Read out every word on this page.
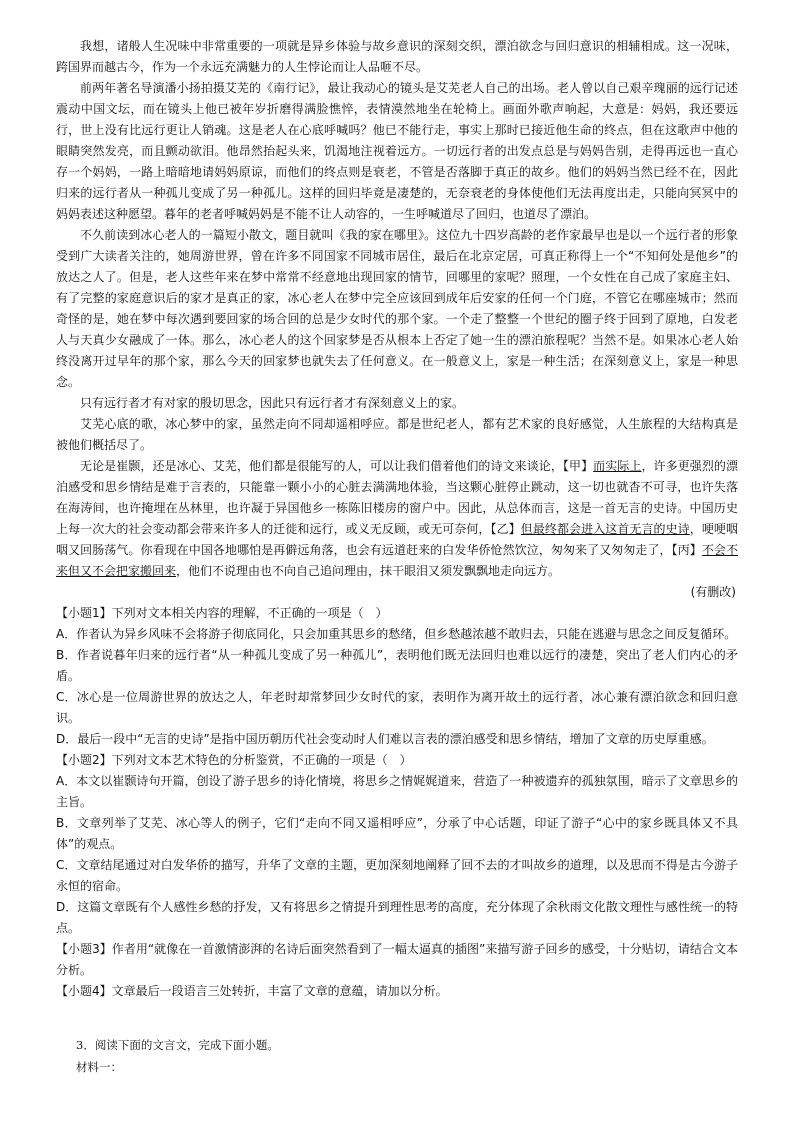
我想，诸般人生况味中非常重要的一项就是异乡体验与故乡意识的深刻交织，漂泊欲念与回归意识的相辅相成。这一况味，跨国界而越古今，作为一个永远充满魅力的人生悖论而让人品咂不尽。

前两年著名导演潘小扬拍摄艾芜的《南行记》，最让我动心的镜头是艾芜老人自己的出场。老人曾以自己艰辛瑰丽的远行记述震动中国文坛，而在镜头上他已被年岁折磨得满脸憔悴，表情漠然地坐在轮椅上。画面外歌声响起，大意是：妈妈，我还要远行，世上没有比远行更让人销魂。这是老人在心底呼喊吗？他已不能行走，事实上那时已接近他生命的终点，但在这歌声中他的眼睛突然发亮，而且颤动欲泪。他昂然抬起头来，饥渴地注视着远方。一切远行者的出发点总是与妈妈告别，走得再远也一直心存一个妈妈，一路上暗暗地请妈妈原谅，而他们的终点则是衰老，不管是否落脚于真正的故乡。他们的妈妈当然已经不在，因此归来的远行者从一种孤儿变成了另一种孤儿。这样的回归毕竟是凄楚的，无奈衰老的身体使他们无法再度出走，只能向冥冥中的妈妈表述这种愿望。暮年的老者呼喊妈妈是不能不让人动容的，一生呼喊道尽了回归，也道尽了漂泊。

不久前读到冰心老人的一篇短小散文，题目就叫《我的家在哪里》。这位九十四岁高龄的老作家最早也是以一个远行者的形象受到广大读者关注的，她周游世界，曾在许多不同国家不同城市居住，最后在北京定居，可真正称得上一个“不知何处是他乡”的放达之人了。但是，老人这些年来在梦中常常不经意地出现回家的情节，回哪里的家呢？照理，一个女性在自己成了家庭主妇、有了完整的家庭意识后的家才是真正的家，冰心老人在梦中完全应该回到成年后安家的任何一个门庭，不管它在哪座城市；然而奇怪的是，她在梦中每次遇到要回家的场合回的总是少女时代的那个家。一个走了整整一个世纪的圈子终于回到了原地，白发老人与天真少女融成了一体。那么，冰心老人的这个回家梦是否从根本上否定了她一生的漂泊旅程呢？当然不是。如果冰心老人始终没离开过早年的那个家，那么今天的回家梦也就失去了任何意义。在一般意义上，家是一种生活；在深刻意义上，家是一种思念。

只有远行者才有对家的殷切思念，因此只有远行者才有深刻意义上的家。

艾芜心底的歌，冰心梦中的家，虽然走向不同却遥相呼应。都是世纪老人，都有艺术家的良好感觉，人生旅程的大结构真是被他们概括尽了。

无论是崔颢，还是冰心、艾芜，他们都是很能写的人，可以让我们借着他们的诗文来谈论，【甲】而实际上，许多更强烈的漂泊感受和思乡情结是难于言表的，只能靠一颗小小的心脏去满满地体验，当这颗心脏停止跳动，这一切也就杳不可寻，也许失落在海涛间，也许掩埋在丛林里，也许凝于异国他乡一栋陈旧楼房的窗户中。因此，从总体而言，这是一首无言的史诗。中国历史上每一次大的社会变动都会带来许多人的迁徙和远行，或义无反顾，或无可奈何，【乙】但最终都会进入这首无言的史诗，哽哽咽咽又回肠荡气。你看现在中国各地哪怕是再僻远角落，也会有远道赶来的白发华侨怆然饮泣，匆匆来了又匆匆走了，【丙】不会不来但又不会把家搬回来，他们不说理由也不向自己追问理由，抹干眼泪又须发飘飘地走向远方。

(有删改)

【小题1】下列对文本相关内容的理解，不正确的一项是（　）

A．作者认为异乡风味不会将游子彻底同化，只会加重其思乡的愁绪，但乡愁越浓越不敢归去，只能在逃避与思念之间反复循环。

B．作者说暮年归来的远行者“从一种孤儿变成了另一种孤儿”，表明他们既无法回归也难以远行的凄楚，突出了老人们内心的矛盾。

C．冰心是一位周游世界的放达之人，年老时却常梦回少女时代的家，表明作为离开故土的远行者，冰心兼有漂泊欲念和回归意识。

D．最后一段中“无言的史诗”是指中国历朝历代社会变动时人们难以言表的漂泊感受和思乡情结，增加了文章的历史厚重感。

【小题2】下列对文本艺术特色的分析鉴赏，不正确的一项是（　）

A．本文以崔颢诗句开篇，创设了游子思乡的诗化情境，将思乡之情娓娓道来，营造了一种被遗弃的孤独氛围，暗示了文章思乡的主旨。

B．文章列举了艾芜、冰心等人的例子，它们“走向不同又遥相呼应”，分承了中心话题，印证了游子“心中的家乡既具体又不具体”的观点。

C．文章结尾通过对白发华侨的描写，升华了文章的主题，更加深刻地阐释了回不去的才叫故乡的道理，以及思而不得是古今游子永恒的宿命。

D．这篇文章既有个人感性乡愁的抒发，又有将思乡之情提升到理性思考的高度，充分体现了余秋雨文化散文理性与感性统一的特点。

【小题3】作者用“就像在一首激情澎湃的名诗后面突然看到了一幅太逼真的插图”来描写游子回乡的感受，十分贴切，请结合文本分析。

【小题4】文章最后一段语言三处转折，丰富了文章的意蕴，请加以分析。

3．阅读下面的文言文，完成下面小题。

材料一：
